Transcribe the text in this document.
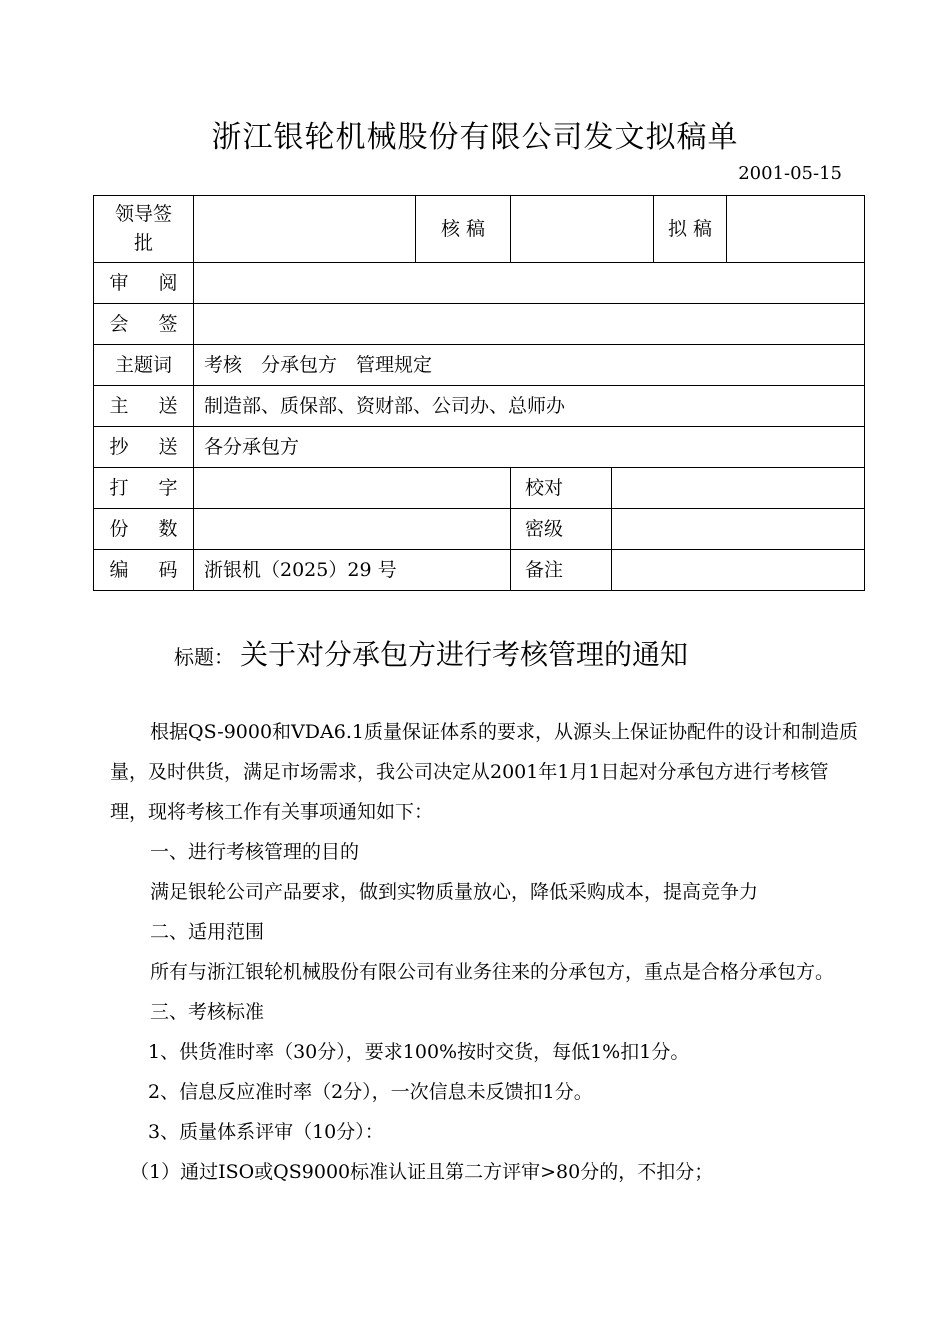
浙江银轮机械股份有限公司发文拟稿单
2001-05-15
领导签批		核 稿		拟 稿	
审 阅					
会 签					
主题词	考核　分承包方　管理规定				
主 送	制造部、质保部、资财部、公司办、总师办				
抄 送	各分承包方				
打 字			校对		

份 数			密级		

编 码	浙银机（2025）29 号		备注		
标题： 关于对分承包方进行考核管理的通知

根据QS-9000和VDA6.1质量保证体系的要求，从源头上保证协配件的设计和制造质量，及时供货，满足市场需求，我公司决定从2001年1月1日起对分承包方进行考核管理，现将考核工作有关事项通知如下：

一、进行考核管理的目的

满足银轮公司产品要求，做到实物质量放心，降低采购成本，提高竞争力

二、适用范围

所有与浙江银轮机械股份有限公司有业务往来的分承包方，重点是合格分承包方。

三、考核标准

1、供货准时率（30分），要求100%按时交货，每低1%扣1分。

2、信息反应准时率（2分），一次信息未反馈扣1分。

3、质量体系评审（10分）：

（1）通过ISO或QS9000标准认证且第二方评审>80分的，不扣分；
